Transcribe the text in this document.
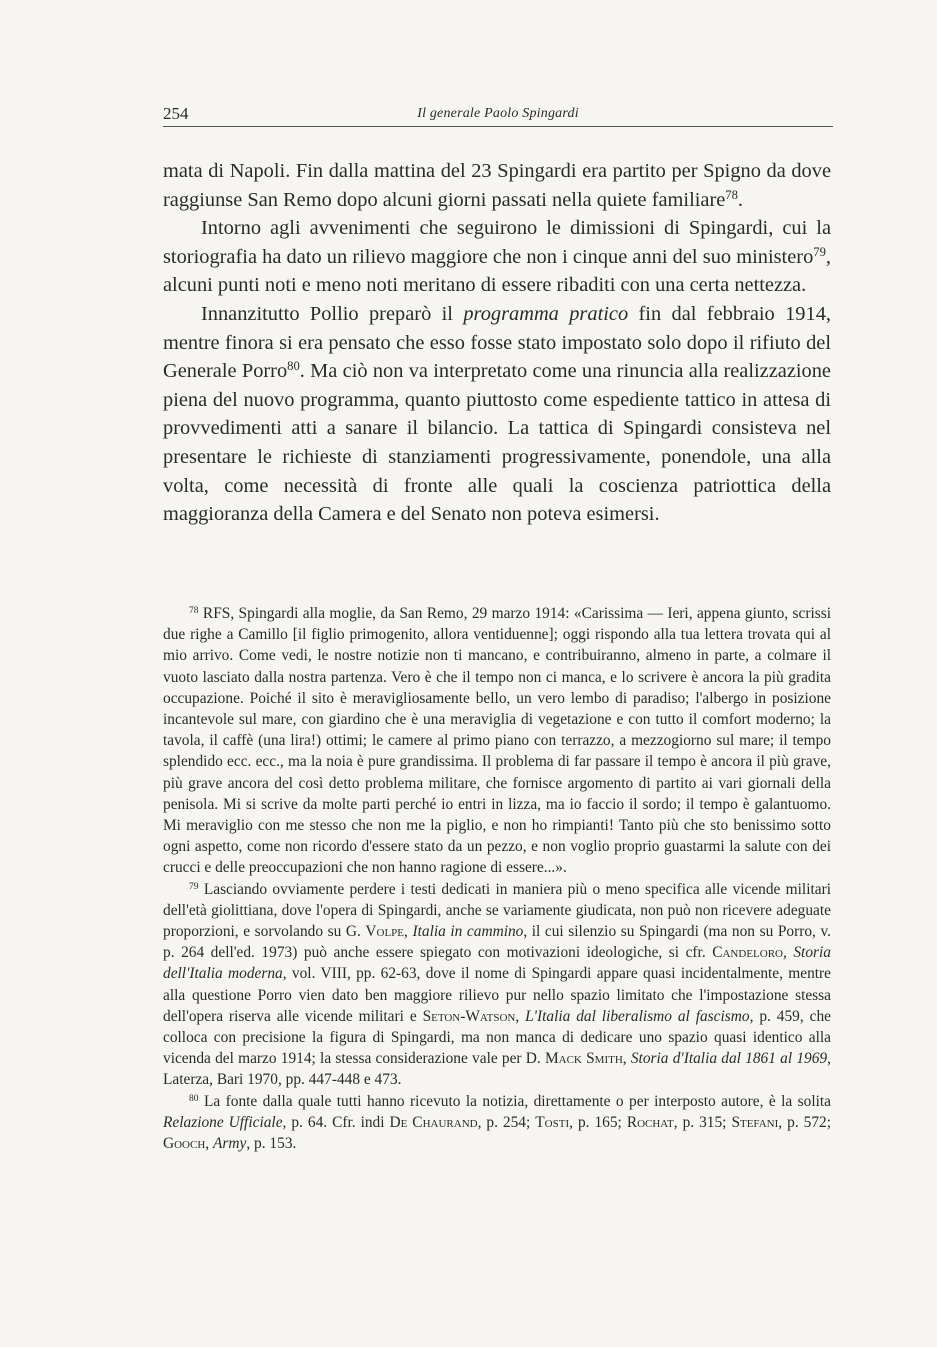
254	Il generale Paolo Spingardi

mata di Napoli. Fin dalla mattina del 23 Spingardi era partito per Spigno da dove raggiunse San Remo dopo alcuni giorni passati nella quiete familiare$^{78}$.

Intorno agli avvenimenti che seguirono le dimissioni di Spingardi, cui la storiografia ha dato un rilievo maggiore che non i cinque anni del suo ministero$^{79}$, alcuni punti noti e meno noti meritano di essere ribaditi con una certa nettezza.

Innanzitutto Pollio preparò il programma pratico fin dal febbraio 1914, mentre finora si era pensato che esso fosse stato impostato solo dopo il rifiuto del Generale Porro$^{80}$. Ma ciò non va interpretato come una rinuncia alla realizzazione piena del nuovo programma, quanto piuttosto come espediente tattico in attesa di provvedimenti atti a sanare il bilancio. La tattica di Spingardi consisteva nel presentare le richieste di stanziamenti progressivamente, ponendole, una alla volta, come necessità di fronte alle quali la coscienza patriottica della maggioranza della Camera e del Senato non poteva esimersi.

$^{78}$ RFS, Spingardi alla moglie, da San Remo, 29 marzo 1914: «Carissima — Ieri, appena giunto, scrissi due righe a Camillo [il figlio primogenito, allora ventiduenne]; oggi rispondo alla tua lettera trovata qui al mio arrivo. Come vedi, le nostre notizie non ti mancano, e contribuiranno, almeno in parte, a colmare il vuoto lasciato dalla nostra partenza. Vero è che il tempo non ci manca, e lo scrivere è ancora la più gradita occupazione. Poiché il sito è meravigliosamente bello, un vero lembo di paradiso; l'albergo in posizione incantevole sul mare, con giardino che è una meraviglia di vegetazione e con tutto il comfort moderno; la tavola, il caffè (una lira!) ottimi; le camere al primo piano con terrazzo, a mezzogiorno sul mare; il tempo splendido ecc. ecc., ma la noia è pure grandissima. Il problema di far passare il tempo è ancora il più grave, più grave ancora del così detto problema militare, che fornisce argomento di partito ai vari giornali della penisola. Mi si scrive da molte parti perché io entri in lizza, ma io faccio il sordo; il tempo è galantuomo. Mi meraviglio con me stesso che non me la piglio, e non ho rimpianti! Tanto più che sto benissimo sotto ogni aspetto, come non ricordo d'essere stato da un pezzo, e non voglio proprio guastarmi la salute con dei crucci e delle preoccupazioni che non hanno ragione di essere...».

$^{79}$ Lasciando ovviamente perdere i testi dedicati in maniera più o meno specifica alle vicende militari dell'età giolittiana, dove l'opera di Spingardi, anche se variamente giudicata, non può non ricevere adeguate proporzioni, e sorvolando su G. Volpe, Italia in cammino, il cui silenzio su Spingardi (ma non su Porro, v. p. 264 dell'ed. 1973) può anche essere spiegato con motivazioni ideologiche, si cfr. Candeloro, Storia dell'Italia moderna, vol. VIII, pp. 62-63, dove il nome di Spingardi appare quasi incidentalmente, mentre alla questione Porro vien dato ben maggiore rilievo pur nello spazio limitato che l'impostazione stessa dell'opera riserva alle vicende militari e Seton-Watson, L'Italia dal liberalismo al fascismo, p. 459, che colloca con precisione la figura di Spingardi, ma non manca di dedicare uno spazio quasi identico alla vicenda del marzo 1914; la stessa considerazione vale per D. Mack Smith, Storia d'Italia dal 1861 al 1969, Laterza, Bari 1970, pp. 447-448 e 473.

$^{80}$ La fonte dalla quale tutti hanno ricevuto la notizia, direttamente o per interposto autore, è la solita Relazione Ufficiale, p. 64. Cfr. indi De Chaurand, p. 254; Tosti, p. 165; Rochat, p. 315; Stefani, p. 572; Gooch, Army, p. 153.
